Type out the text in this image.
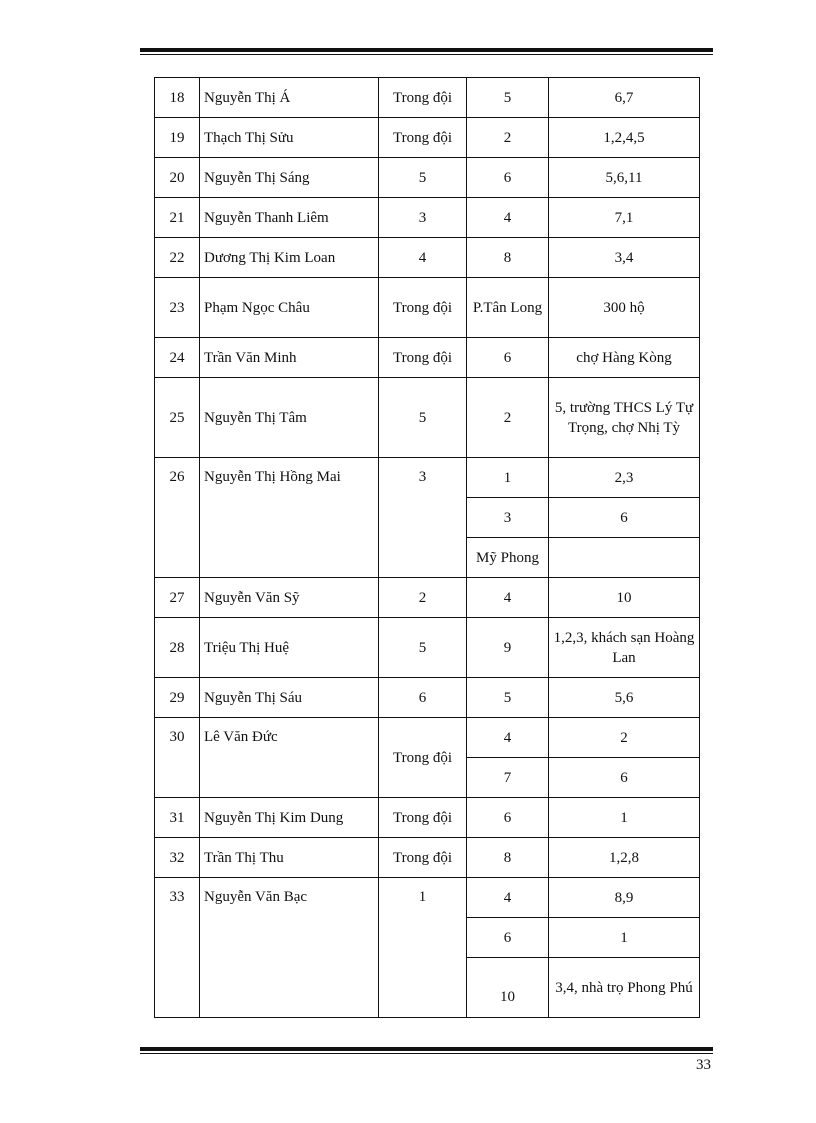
18	Nguyễn Thị Á	Trong đội	5	6,7
19	Thạch Thị Sửu	Trong đội	2	1,2,4,5
20	Nguyễn Thị Sáng	5	6	5,6,11
21	Nguyễn Thanh Liêm	3	4	7,1
22	Dương Thị Kim Loan	4	8	3,4
23	Phạm Ngọc Châu	Trong đội	P.Tân Long	300 hộ
24	Trần Văn Minh	Trong đội	6	chợ Hàng Kòng
25	Nguyễn Thị Tâm	5	2	5, trường THCS Lý Tự Trọng, chợ Nhị Tỳ
26	Nguyễn Thị Hồng Mai	3	1	2,3
			3	6
			Mỹ Phong	
27	Nguyễn Văn Sỹ	2	4	10
28	Triệu Thị Huệ	5	9	1,2,3, khách sạn Hoàng Lan
29	Nguyễn Thị Sáu	6	5	5,6
30	Lê Văn Đức	Trong đội	4	2
			7	6
31	Nguyễn Thị Kim Dung	Trong đội	6	1
32	Trần Thị Thu	Trong đội	8	1,2,8
33	Nguyễn Văn Bạc	1	4	8,9
			6	1
			10	3,4, nhà trọ Phong Phú
33
